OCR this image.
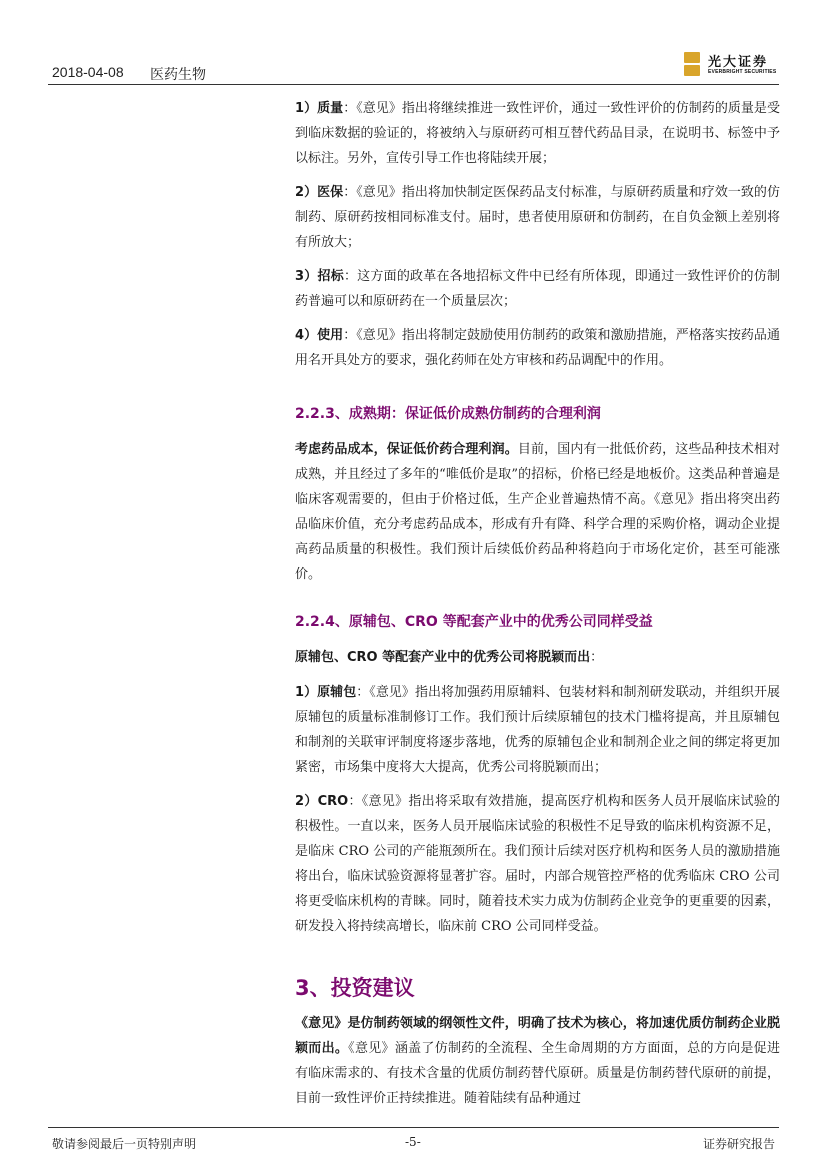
2018-04-08 医药生物
光大证券
EVERBRIGHT SECURITIES

1）质量：《意见》指出将继续推进一致性评价，通过一致性评价的仿制药的质量是受到临床数据的验证的，将被纳入与原研药可相互替代药品目录，在说明书、标签中予以标注。另外，宣传引导工作也将陆续开展；

2）医保：《意见》指出将加快制定医保药品支付标准，与原研药质量和疗效一致的仿制药、原研药按相同标准支付。届时，患者使用原研和仿制药，在自负金额上差别将有所放大；

3）招标：这方面的政革在各地招标文件中已经有所体现，即通过一致性评价的仿制药普遍可以和原研药在一个质量层次；

4）使用：《意见》指出将制定鼓励使用仿制药的政策和激励措施，严格落实按药品通用名开具处方的要求，强化药师在处方审核和药品调配中的作用。

2.2.3、成熟期：保证低价成熟仿制药的合理利润

考虑药品成本，保证低价药合理利润。目前，国内有一批低价药，这些品种技术相对成熟，并且经过了多年的“唯低价是取”的招标，价格已经是地板价。这类品种普遍是临床客观需要的，但由于价格过低，生产企业普遍热情不高。《意见》指出将突出药品临床价值，充分考虑药品成本，形成有升有降、科学合理的采购价格，调动企业提高药品质量的积极性。我们预计后续低价药品种将趋向于市场化定价，甚至可能涨价。

2.2.4、原辅包、CRO 等配套产业中的优秀公司同样受益

原辅包、CRO 等配套产业中的优秀公司将脱颖而出：

1）原辅包：《意见》指出将加强药用原辅料、包装材料和制剂研发联动，并组织开展原辅包的质量标准制修订工作。我们预计后续原辅包的技术门槛将提高，并且原辅包和制剂的关联审评制度将逐步落地，优秀的原辅包企业和制剂企业之间的绑定将更加紧密，市场集中度将大大提高，优秀公司将脱颖而出；

2）CRO：《意见》指出将采取有效措施，提高医疗机构和医务人员开展临床试验的积极性。一直以来，医务人员开展临床试验的积极性不足导致的临床机构资源不足，是临床 CRO 公司的产能瓶颈所在。我们预计后续对医疗机构和医务人员的激励措施将出台，临床试验资源将显著扩容。届时，内部合规管控严格的优秀临床 CRO 公司将更受临床机构的青睐。同时，随着技术实力成为仿制药企业竞争的更重要的因素，研发投入将持续高增长，临床前 CRO 公司同样受益。

3、投资建议

《意见》是仿制药领域的纲领性文件，明确了技术为核心，将加速优质仿制药企业脱颖而出。《意见》涵盖了仿制药的全流程、全生命周期的方方面面，总的方向是促进有临床需求的、有技术含量的优质仿制药替代原研。质量是仿制药替代原研的前提，目前一致性评价正持续推进。随着陆续有品种通过

敬请参阅最后一页特别声明	-5-	证券研究报告
